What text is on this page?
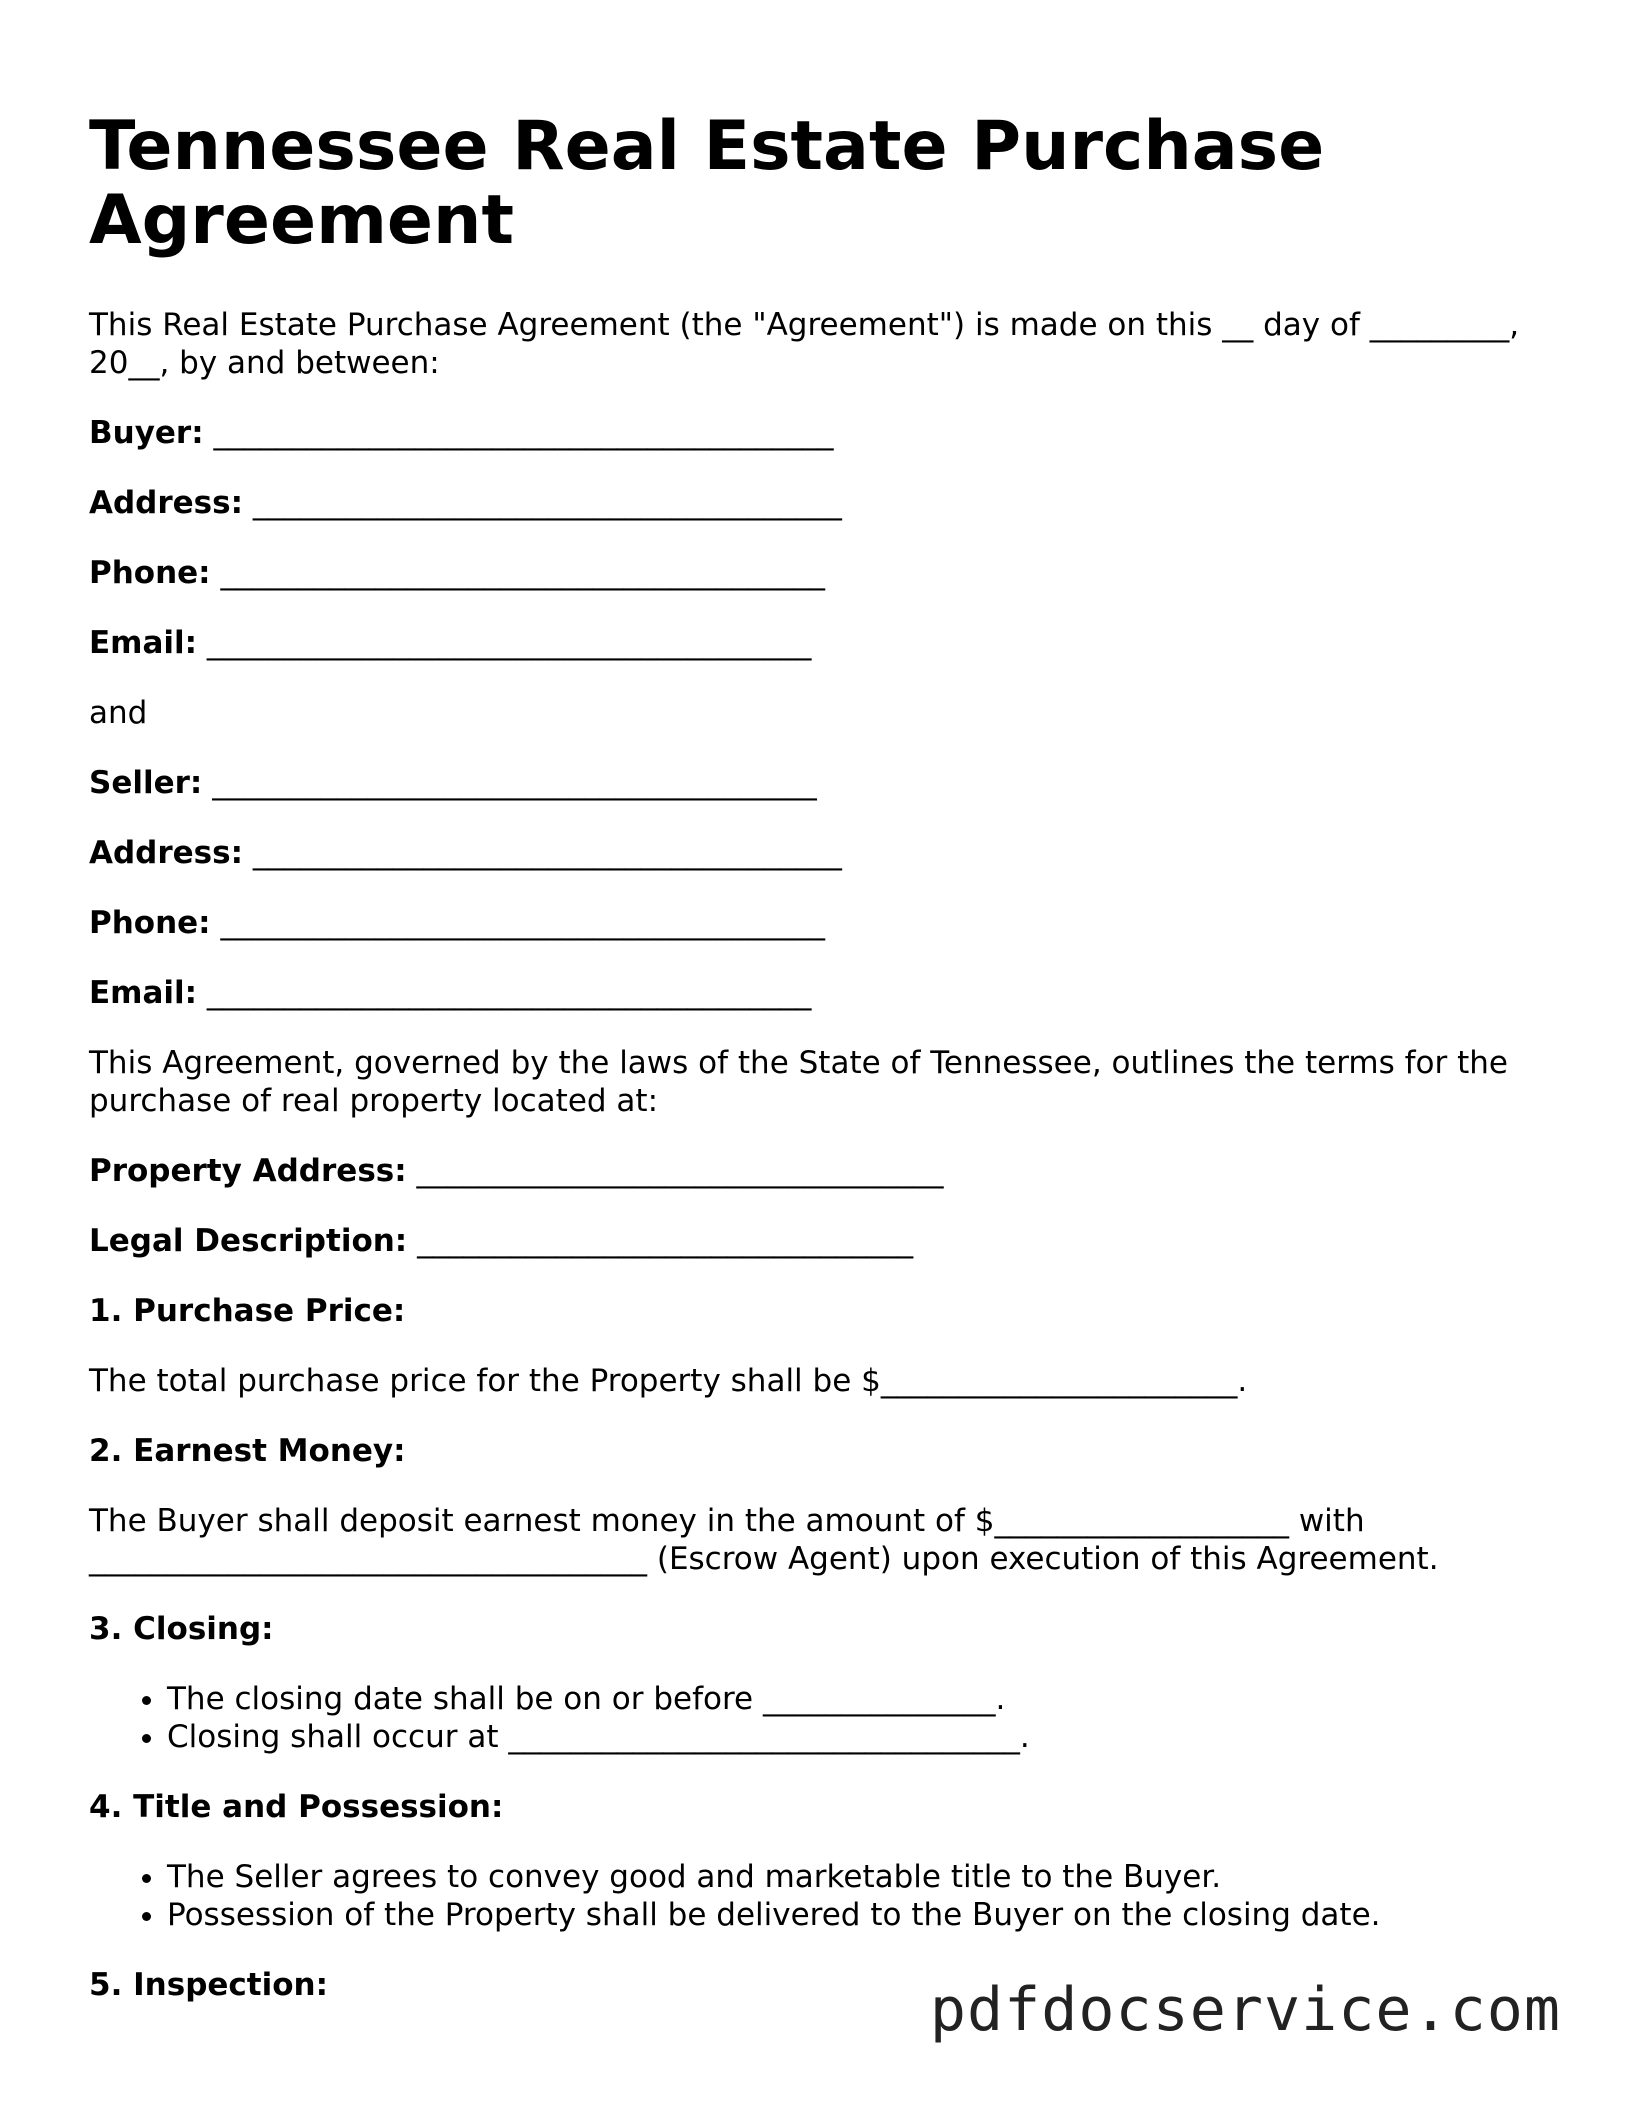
Tennessee Real Estate Purchase Agreement

This Real Estate Purchase Agreement (the "Agreement") is made on this __ day of _________, 20__, by and between:

Buyer: ________________________________________
Address: ______________________________________
Phone: _______________________________________
Email: _______________________________________

and

Seller: _______________________________________
Address: ______________________________________
Phone: _______________________________________
Email: _______________________________________

This Agreement, governed by the laws of the State of Tennessee, outlines the terms for the purchase of real property located at:

Property Address: __________________________________
Legal Description: ________________________________
1. Purchase Price:

The total purchase price for the Property shall be $_______________________.

2. Earnest Money:

The Buyer shall deposit earnest money in the amount of $___________________ with ____________________________________ (Escrow Agent) upon execution of this Agreement.

3. Closing:
• The closing date shall be on or before _______________.
• Closing shall occur at _________________________________.
4. Title and Possession:
• The Seller agrees to convey good and marketable title to the Buyer.
• Possession of the Property shall be delivered to the Buyer on the closing date.
5. Inspection:	pdfdocservice.com
